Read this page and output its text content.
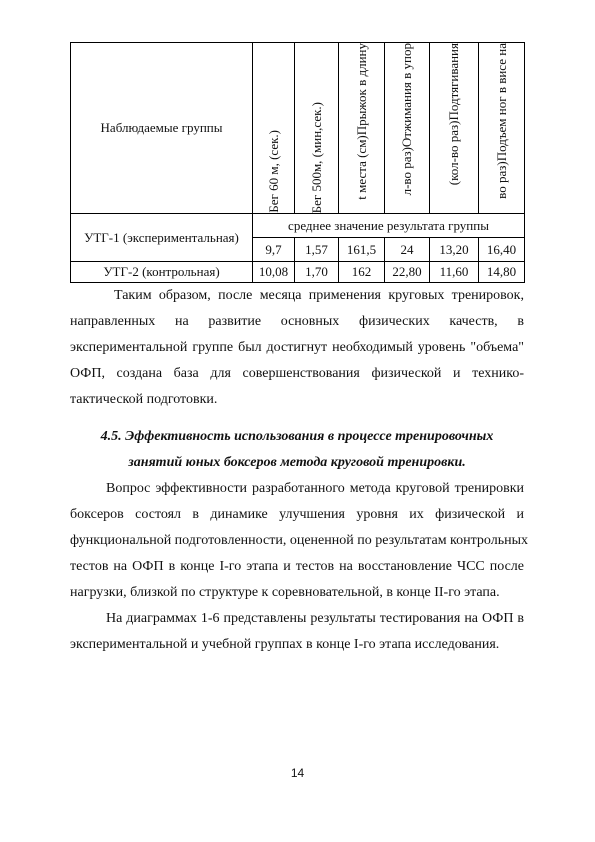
Наблюдаемые группы	Бег 60 м, (сек.)	Бег 500м, (мин,сек.)	t места (см)Прыжок в длину	л-во раз)Отжимания в упор	(кол-во раз)Подтягивания	во раз)Подъем ног в висе на

УТГ-1 (экспериментальная)	среднее значение результата группы					
	9,7	1,57	161,5	24	13,20	16,40
УТГ-2 (контрольная)	10,08	1,70	162	22,80	11,60	14,80
Таким образом, после месяца применения круговых тренировок,
направленных на развитие основных физических качеств, в
экспериментальной группе был достигнут необходимый уровень "объема"
ОФП, создана база для совершенствования физической и технико-
тактической подготовки.
4.5. Эффективность использования в процессе тренировочных
занятий юных боксеров метода круговой тренировки.
Вопрос эффективности разработанного метода круговой тренировки
боксеров состоял в динамике улучшения уровня их физической и
функциональной подготовленности, оцененной по результатам контрольных
тестов на ОФП в конце I-го этапа и тестов на восстановление ЧСС после
нагрузки, близкой по структуре к соревновательной, в конце II-го этапа.
На диаграммах 1-6 представлены результаты тестирования на ОФП в
экспериментальной и учебной группах в конце I-го этапа исследования.
14
